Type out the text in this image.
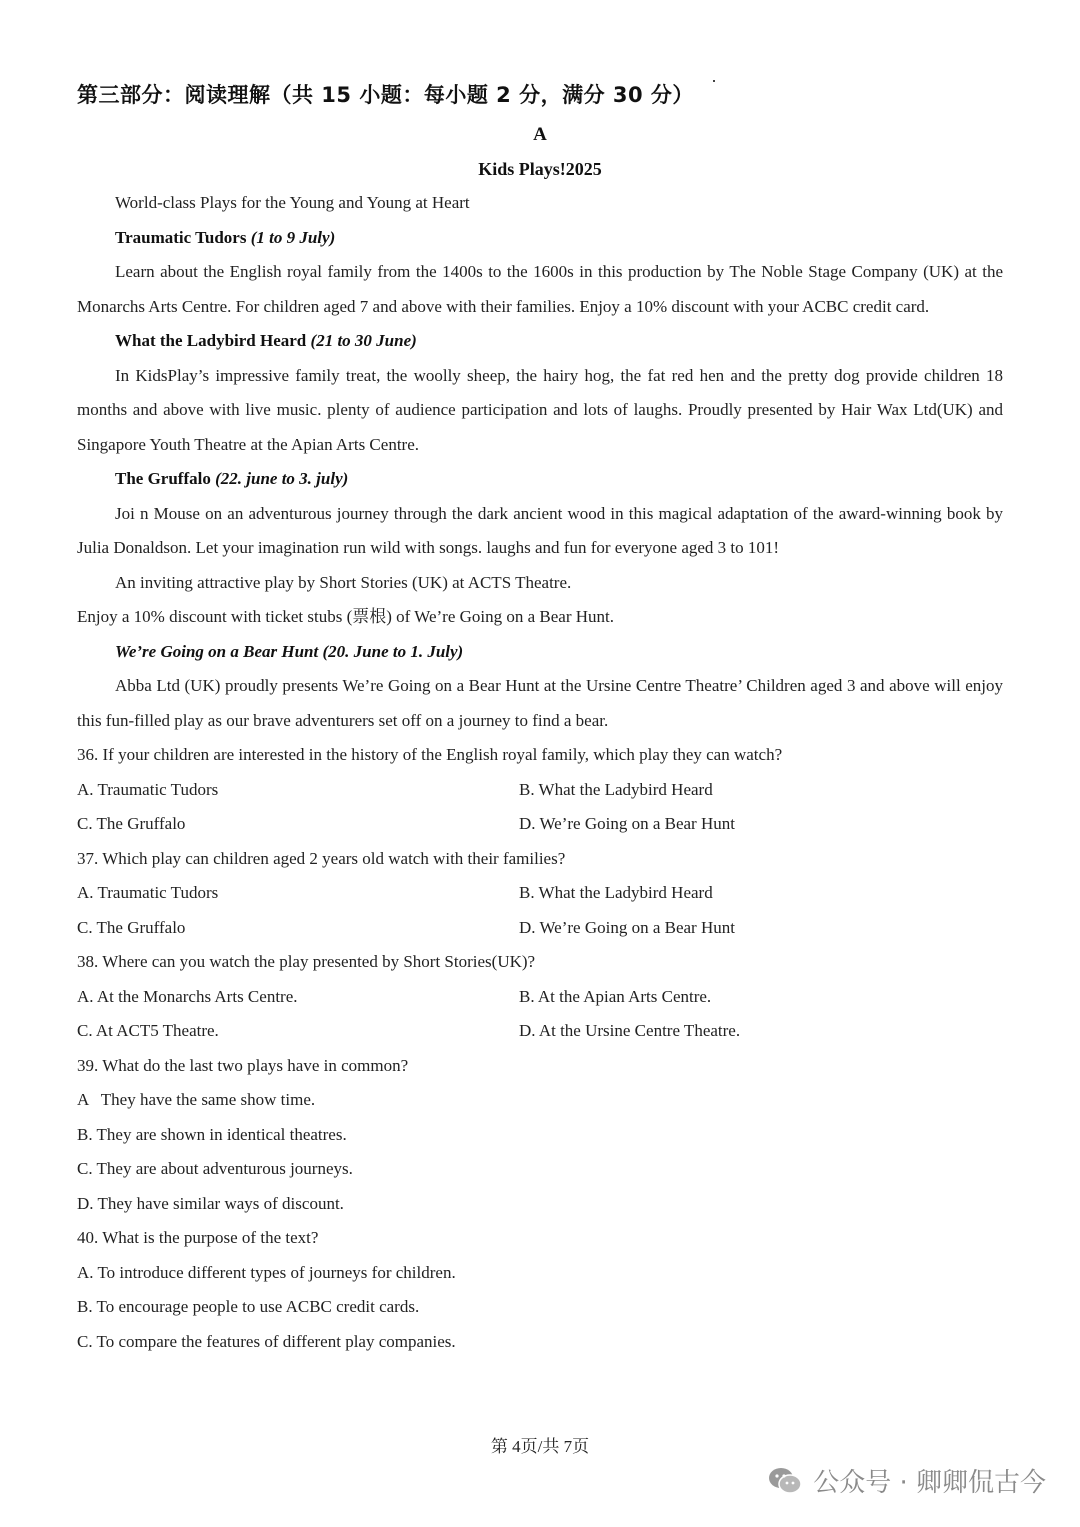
第三部分：阅读理解（共 15 小题：每小题 2 分，满分 30 分）
A
Kids Plays!2025

World-class Plays for the Young and Young at Heart

Traumatic Tudors (1 to 9 July)

Learn about the English royal family from the 1400s to the 1600s in this production by The Noble Stage Company (UK) at the Monarchs Arts Centre. For children aged 7 and above with their families. Enjoy a 10% discount with your ACBC credit card.

What the Ladybird Heard (21 to 30 June)

In KidsPlay’s impressive family treat, the woolly sheep, the hairy hog, the fat red hen and the pretty dog provide children 18 months and above with live music. plenty of audience participation and lots of laughs. Proudly presented by Hair Wax Ltd(UK) and Singapore Youth Theatre at the Apian Arts Centre.

The Gruffalo (22. june to 3. july)

Joi n Mouse on an adventurous journey through the dark ancient wood in this magical adaptation of the award-winning book by Julia Donaldson. Let your imagination run wild with songs. laughs and fun for everyone aged 3 to 101!

An inviting attractive play by Short Stories (UK) at ACTS Theatre.

Enjoy a 10% discount with ticket stubs (票根) of We’re Going on a Bear Hunt.

We’re Going on a Bear Hunt (20. June to 1. July)

Abba Ltd (UK) proudly presents We’re Going on a Bear Hunt at the Ursine Centre Theatre’ Children aged 3 and above will enjoy this fun-filled play as our brave adventurers set off on a journey to find a bear.

36. If your children are interested in the history of the English royal family, which play they can watch?

A. Traumatic Tudors	B. What the Ladybird Heard
C. The Gruffalo	D. We’re Going on a Bear Hunt

37. Which play can children aged 2 years old watch with their families?

A. Traumatic Tudors	B. What the Ladybird Heard
C. The Gruffalo	D. We’re Going on a Bear Hunt

38. Where can you watch the play presented by Short Stories(UK)?

A. At the Monarchs Arts Centre.	B. At the Apian Arts Centre.
C. At ACT5 Theatre.	D. At the Ursine Centre Theatre.

39. What do the last two plays have in common?

A   They have the same show time.

B. They are shown in identical theatres.

C. They are about adventurous journeys.

D. They have similar ways of discount.

40. What is the purpose of the text?

A. To introduce different types of journeys for children.

B. To encourage people to use ACBC credit cards.

C. To compare the features of different play companies.

第 4页/共 7页
公众号 · 卿卿侃古今
